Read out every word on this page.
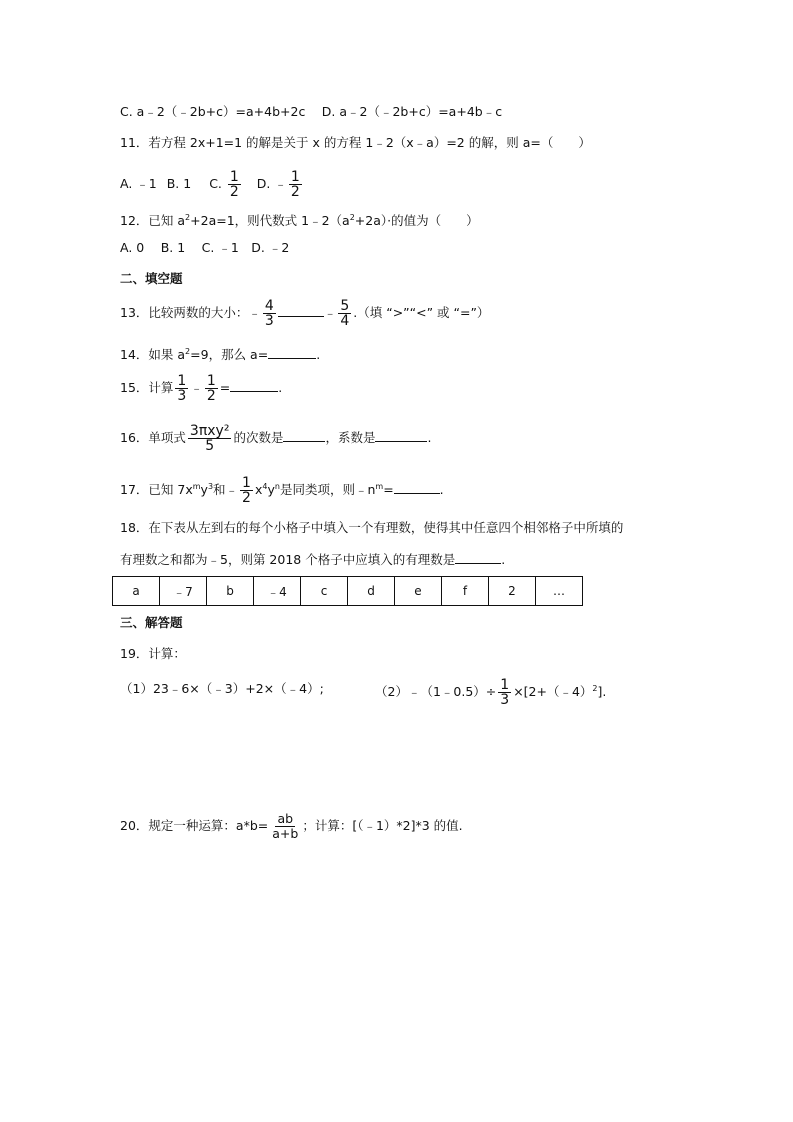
C. a﹣2（﹣2b+c）=a+4b+2c　 D. a﹣2（﹣2b+c）=a+4b﹣c
11．若方程 2x+1=1 的解是关于 x 的方程 1﹣2（x﹣a）=2 的解，则 a=（　　）
A. ﹣1 B. 1 C. $\frac{1}{2} D$. ﹣ $\frac{1}{2}$
12．已知 $a^2+2a=1$，则代数式 $1﹣2(a^2+2a)\cdot$的值为（　　）
A. 0　 B. 1　 C. ﹣1　D. ﹣2
二、填空题
13．比较两数的大小：﹣ $\frac{4}{3}$	﹣ $\frac{5}{4}$ .（填 “>”“<” 或 “=”）
14．如果 $a^2=9$，那么 a=	.
15．计算 $\frac{1}{3}$ ﹣ $\frac{1}{2}$ =	.
16．单项式 $\frac{\text{3πxy²}}{5}$ 的次数是	，系数是	.
17．已知 $7x^my^3$和﹣ $\frac{1}{2} x^4y^n$是同类项，则$﹣n^m=$	.
18．在下表从左到右的每个小格子中填入一个有理数，使得其中任意四个相邻格子中所填的
有理数之和都为﹣5，则第 2018 个格子中应填入的有理数是	.
a	﹣7	b	﹣4	c	d	e	f	2	…
三、解答题
19．计算：
（1）23﹣6×（﹣3）+2×（﹣4）;	（2）﹣（1﹣0.5）÷ $\frac{1}{3}$ ×[2+（﹣4）$^2$].
20．规定一种运算：$a*b= \frac{ab}{a+b}$ ；计算：[（﹣1）*2]*3 的值.
